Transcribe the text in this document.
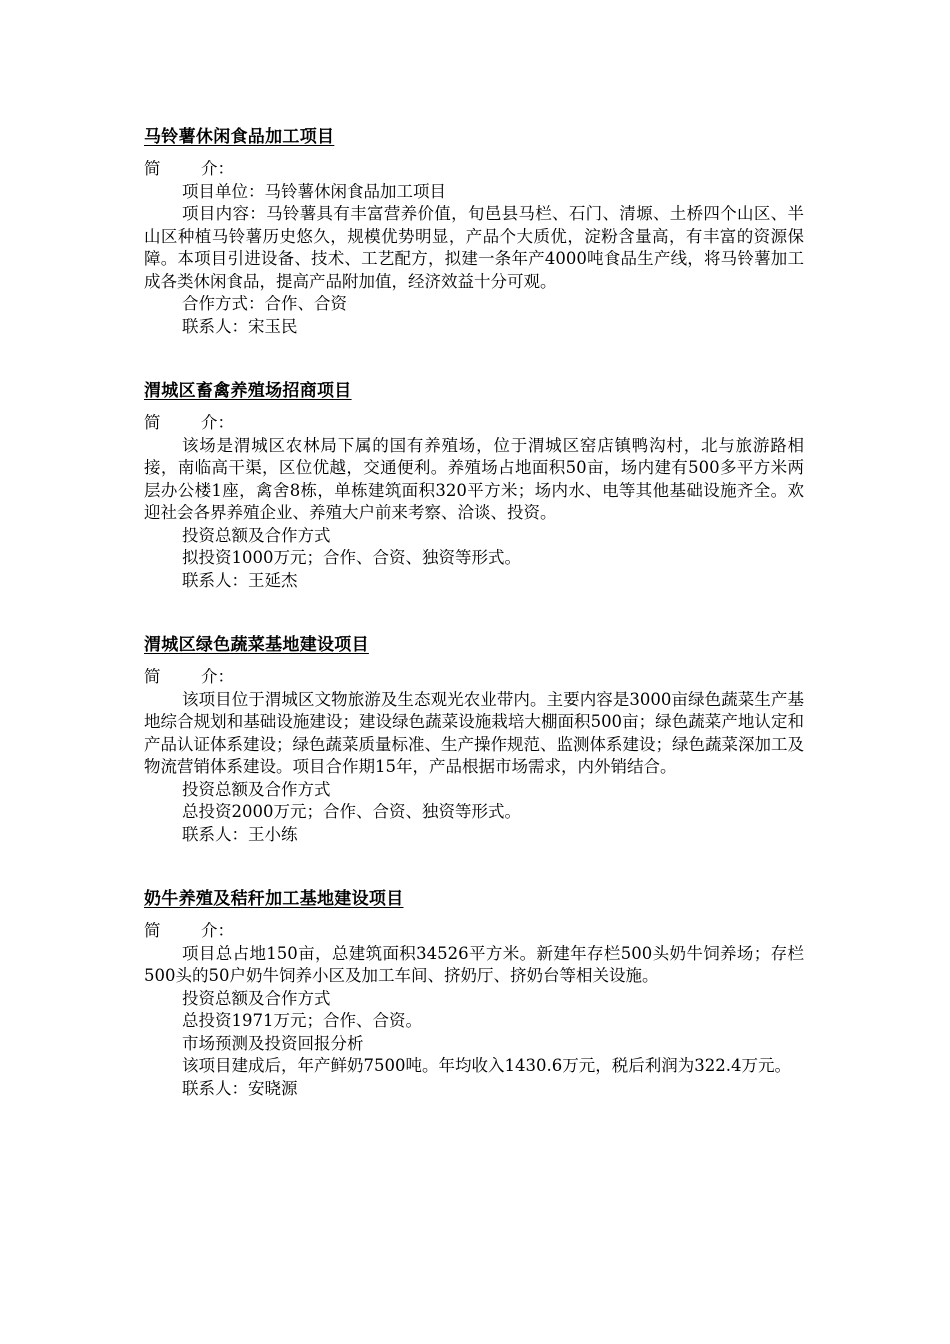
马铃薯休闲食品加工项目
简	介：

项目单位：马铃薯休闲食品加工项目

项目内容：马铃薯具有丰富营养价值，旬邑县马栏、石门、清塬、土桥四个山区、半山区种植马铃薯历史悠久，规模优势明显，产品个大质优，淀粉含量高，有丰富的资源保障。本项目引进设备、技术、工艺配方，拟建一条年产4000吨食品生产线，将马铃薯加工成各类休闲食品，提高产品附加值，经济效益十分可观。

合作方式：合作、合资

联系人：宋玉民

渭城区畜禽养殖场招商项目
简	介：

该场是渭城区农林局下属的国有养殖场，位于渭城区窑店镇鸭沟村，北与旅游路相接，南临高干渠，区位优越，交通便利。养殖场占地面积50亩，场内建有500多平方米两层办公楼1座，禽舍8栋，单栋建筑面积320平方米；场内水、电等其他基础设施齐全。欢迎社会各界养殖企业、养殖大户前来考察、洽谈、投资。

投资总额及合作方式

拟投资1000万元；合作、合资、独资等形式。

联系人：王延杰

渭城区绿色蔬菜基地建设项目
简	介：

该项目位于渭城区文物旅游及生态观光农业带内。主要内容是3000亩绿色蔬菜生产基地综合规划和基础设施建设；建设绿色蔬菜设施栽培大棚面积500亩；绿色蔬菜产地认定和产品认证体系建设；绿色蔬菜质量标准、生产操作规范、监测体系建设；绿色蔬菜深加工及物流营销体系建设。项目合作期15年，产品根据市场需求，内外销结合。

投资总额及合作方式

总投资2000万元；合作、合资、独资等形式。

联系人：王小练

奶牛养殖及秸秆加工基地建设项目
简	介：

项目总占地150亩，总建筑面积34526平方米。新建年存栏500头奶牛饲养场；存栏500头的50户奶牛饲养小区及加工车间、挤奶厅、挤奶台等相关设施。

投资总额及合作方式

总投资1971万元；合作、合资。

市场预测及投资回报分析

该项目建成后，年产鲜奶7500吨。年均收入1430.6万元，税后利润为322.4万元。

联系人：安晓源
